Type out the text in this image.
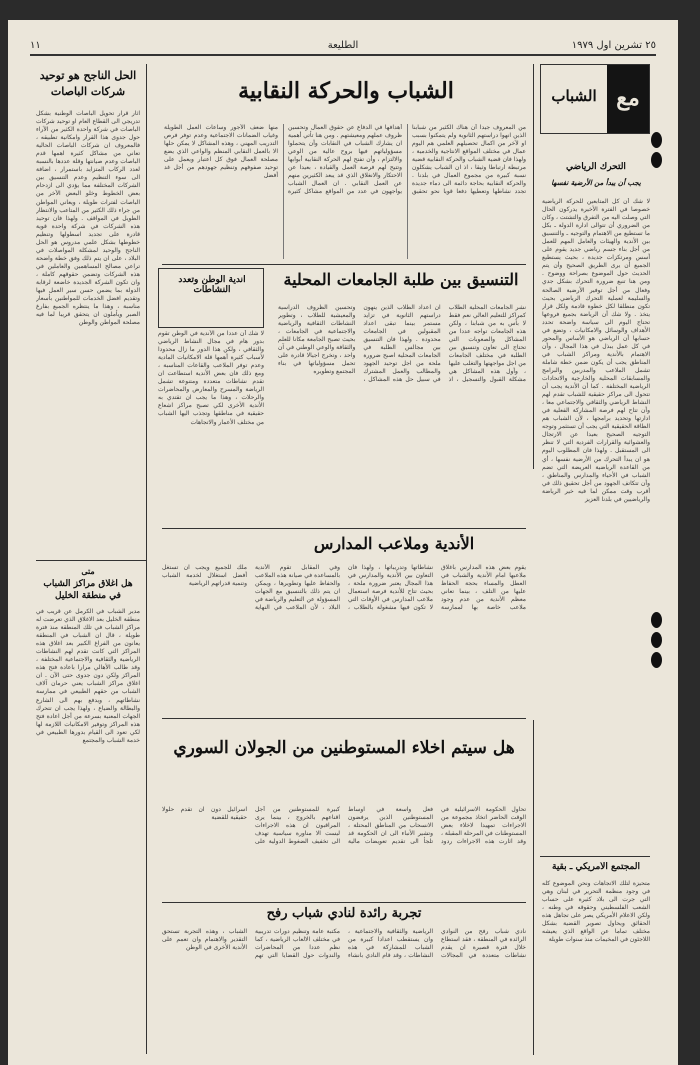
٢٥ تشرين اول ١٩٧٩
الطليعة
١١
مع
الشباب
التحرك الرياضي
يجب أن يبدأ من الأرضية نفسها
لا شك أن كل المتابعين للحركة الرياضية خصوصا في الفترة الأخيرة يدركون الحال التي وصلت اليه من التفرق والتشتت ، وكان من الضروري أن تتوالى ادارة الدولة ـ بكل ما تستطيع من الاهتمام والتوجيه ـ والتنسيق بين الأندية والهيئات والعامل المهم للعمل من أجل بناء جسم رياضي جديد يقوم على أسس ومرتكزات جديدة ، بحيث يستطيع الجميع أن يرى الطريق الصحيح وأن يتم الحديث حول الموضوع بصراحة ووضوح . ومن هنا تنبع ضرورة التحرك بشكل جدي وفعال من أجل توفير الأرضية الصالحة والسليمة لعملية التحرك الرياضي بحيث تكون منطلقا لكل خطوة قادمة ولكل قرار يتخذ . ولا شك أن الرياضة بجميع فروعها تحتاج اليوم الى سياسة واضحة تحدد الأهداف والوسائل والامكانيات ، وتضع في حسابها أن الرياضي هو الأساس والمحور في كل عمل يبذل في هذا المجال ، وأن الاهتمام بالأندية ومراكز الشباب في المناطق يجب أن يكون ضمن خطة شاملة تشمل الملاعب والمدربين والبرامج والمسابقات المحلية والخارجية والاتحادات الرياضية المختلفة . كما أن الأندية يجب أن تتحول الى مراكز حقيقية للشباب تقدم لهم النشاط الرياضي والثقافي والاجتماعي معا ، وأن تتاح لهم فرصة المشاركة الفعلية في ادارتها وتحديد برامجها ، لأن الشباب هم الطاقة الحقيقية التي يجب أن تستثمر وتوجه التوجيه الصحيح بعيدا عن الارتجال والعشوائية والقرارات الفردية التي لا تنظر الى المستقبل . ولهذا فان المطلوب اليوم هو ان يبدأ التحرك من الأرضية نفسها ، أي من القاعدة الرياضية العريضة التي تضم الشباب في الأحياء والمدارس والمناطق ، وأن تتكاتف الجهود من أجل تحقيق ذلك في أقرب وقت ممكن لما فيه خير الرياضة والرياضيين في بلدنا العزيز
المجتمع الأمريكي ـ بقية
متحيزة لتلك الاتجاهات ونحن الموضوع كله في وجود منظمة التحرير في لبنان وهي التي جرت الى بلاد كثيرة على حساب الشعب الفلسطيني وحقوقه في وطنه ، ولكن الاعلام الأمريكي يصر على تجاهل هذه الحقائق ويحاول تصوير القضية بشكل مختلف تماما عن الواقع الذي يعيشه اللاجئون في المخيمات منذ سنوات طويلة
الشباب والحركة النقابية
من المعروف جيدا أن هناك الكثير من شبابنا الذين انهوا دراستهم الثانوية ولم يتمكنوا بسبب او لآخر من اكمال تحصيلهم العلمي هم اليوم عمال في مختلف المواقع الانتاجية والخدمية ، ولهذا فان قضية الشباب والحركة النقابية قضية مرتبطة ارتباطا وثيقا ، اذ ان الشباب يشكلون نسبة كبيرة من مجموع العمال في بلدنا . والحركة النقابية بحاجة دائمة الى دماء جديدة تجدد نشاطها وتعطيها دفعا قويا نحو تحقيق أهدافها في الدفاع عن حقوق العمال وتحسين ظروف عملهم ومعيشتهم . ومن هنا تأتي أهمية ان يشارك الشباب في النقابات وأن يتحملوا مسؤولياتهم فيها بروح عالية من الوعي والالتزام ، وأن تفتح لهم الحركة النقابية أبوابها وتتيح لهم فرصة العمل والقيادة ، بعيدا عن الاحتكار والانغلاق الذي قد يبعد الكثيرين منهم عن العمل النقابي . ان العمال الشباب يواجهون في عدد من المواقع مشاكل كثيرة منها ضعف الأجور وساعات العمل الطويلة وغياب الضمانات الاجتماعية وعدم توفر فرص التدريب المهني ، وهذه المشاكل لا يمكن حلها الا بالعمل النقابي المنظم والواعي الذي يضع مصلحة العمال فوق كل اعتبار ويعمل على توحيد صفوفهم وتنظيم جهودهم من أجل غد أفضل
التنسيق بين طلبة الجامعات المحلية
اندية الوطن وتعدد النشاطات
نشر الجامعات المحلية الطلاب كمراكز للتعليم العالي نعم فقط لا بأس به من شبابنا ، ولكن هذه الجامعات تواجه عددا من المشاكل والصعوبات التي تحتاج الى تعاون وتنسيق بين الطلبة في مختلف الجامعات من اجل مواجهتها والتغلب عليها ، وأول هذه المشاكل هي مشكلة القبول والتسجيل ، اذ ان اعداد الطلاب الذين ينهون دراستهم الثانوية في تزايد مستمر بينما تبقى اعداد المقبولين في الجامعات محدودة . ولهذا فان التنسيق بين مجالس الطلبة في الجامعات المحلية اصبح ضرورة ملحة من اجل توحيد الجهود والمطالب والعمل المشترك في سبيل حل هذه المشاكل ، وتحسين الظروف الدراسية والمعيشية للطلاب ، وتطوير النشاطات الثقافية والرياضية والاجتماعية في الجامعات ، بحيث تصبح الجامعة مكانا للعلم والثقافة والوعي الوطني في آن واحد ، وتخرج اجيالا قادرة على تحمل مسؤولياتها في بناء المجتمع وتطويره
لا شك أن عددا من الأندية في الوطن تقوم بدور هام في مجال النشاط الرياضي والثقافي ، ولكن هذا الدور ما زال محدودا لأسباب كثيرة أهمها قلة الامكانيات المادية وعدم توفر الملاعب والقاعات المناسبة ، ومع ذلك فان بعض الأندية استطاعت ان تقدم نشاطات متعددة ومتنوعة تشمل الرياضة والمسرح والمعارض والمحاضرات والرحلات ، وهذا ما يجب ان تقتدي به الأندية الأخرى لكي تصبح مراكز اشعاع حقيقية في مناطقها وتجذب اليها الشباب من مختلف الأعمار والاتجاهات
الأندية وملاعب المدارس
يقوم بعض هذه المدارس باغلاق ملاعبها امام الأندية والشباب في العطل والمساء بحجة الحفاظ عليها من التلف ، بينما تعاني معظم الأندية من عدم وجود ملاعب خاصة بها لممارسة نشاطاتها وتدريباتها ، ولهذا فان التعاون بين الأندية والمدارس في هذا المجال يعتبر ضرورة ملحة ، بحيث تتاح للأندية فرصة استعمال ملاعب المدارس في الأوقات التي لا تكون فيها مشغولة بالطلاب ، وفي المقابل تقوم الأندية بالمساعدة في صيانة هذه الملاعب والحفاظ عليها وتطويرها ، ويمكن ان يتم ذلك بالتنسيق مع الجهات المسؤولة عن التعليم والرياضة في البلاد ، لأن الملاعب في النهاية ملك للجميع ويجب ان تستغل أفضل استغلال لخدمة الشباب وتنمية قدراتهم الرياضية
هل سيتم اخلاء المستوطنين من الجولان السوري
تحاول الحكومة الاسرائيلية في الوقت الحاضر اتخاذ مجموعة من الاجراءات تمهيدا لاخلاء بعض المستوطنات في المرحلة المقبلة ، وقد اثارت هذه الاجراءات ردود فعل واسعة في اوساط المستوطنين الذين يرفضون الانسحاب من المناطق المحتلة ، وتشير الأنباء الى ان الحكومة قد تلجأ الى تقديم تعويضات مالية كبيرة للمستوطنين من أجل اقناعهم بالخروج ، بينما يرى المراقبون ان هذه الاجراءات ليست الا مناورة سياسية تهدف الى تخفيف الضغوط الدولية على اسرائيل دون ان تقدم حلولا حقيقية للقضية
تجربة رائدة لنادي شباب رفح
نادي شباب رفح من النوادي الرائدة في المنطقة ، فقد استطاع خلال فترة قصيرة ان يقدم نشاطات متعددة في المجالات الرياضية والثقافية والاجتماعية ، وان يستقطب اعدادا كبيرة من الشباب للمشاركة في هذه النشاطات ، وقد قام النادي بانشاء مكتبة عامة وتنظيم دورات تدريبية في مختلف الالعاب الرياضية ، كما نظم عددا من المحاضرات والندوات حول القضايا التي تهم الشباب ، وهذه التجربة تستحق التقدير والاهتمام وان تعمم على الأندية الأخرى في الوطن
الحل الناجح هو توحيد شركات الباصات
اثار قرار تحويل الباصات الوطنية بشكل تدريجي الى القطاع العام او توحيد شركات الباصات في شركة واحدة الكثير من الآراء حول جدوى هذا القرار وامكانية تطبيقه ، فالمعروف ان شركات الباصات الحالية تعاني من مشاكل كثيرة اهمها قدم الباصات وعدم صيانتها وقلة عددها بالنسبة لعدد الركاب المتزايد باستمرار ، اضافة الى سوء التنظيم وعدم التنسيق بين الشركات المختلفة مما يؤدي الى ازدحام بعض الخطوط وخلو البعض الآخر من الباصات لفترات طويلة ، ويعاني المواطن من جراء ذلك الكثير من المتاعب والانتظار الطويل في المواقف . ولهذا فان توحيد هذه الشركات في شركة واحدة قوية قادرة على تجديد اسطولها وتنظيم خطوطها بشكل علمي مدروس هو الحل الناجح والوحيد لمشكلة المواصلات في البلاد ، على ان يتم ذلك وفق خطة واضحة تراعي مصالح المساهمين والعاملين في هذه الشركات وتضمن حقوقهم كاملة ، وان تكون الشركة الجديدة خاضعة لرقابة الدولة بما يضمن حسن سير العمل فيها وتقديم افضل الخدمات للمواطنين بأسعار مناسبة ، وهذا ما ينتظره الجميع بفارغ الصبر ويأملون ان يتحقق قريبا لما فيه مصلحة المواطن والوطن
متى
هل اغلاق مراكز الشباب في منطقة الخليل
مدير الشباب في الكرمل عن قريب في منطقة الخليل بعد الاغلاق الذي تعرضت له مراكز الشباب في تلك المنطقة منذ فترة طويلة ، قال ان الشباب في المنطقة يعانون من الفراغ الكبير بعد اغلاق هذه المراكز التي كانت تقدم لهم النشاطات الرياضية والثقافية والاجتماعية المختلفة ، وقد طالب الأهالي مرارا باعادة فتح هذه المراكز ولكن دون جدوى حتى الآن . ان اغلاق مراكز الشباب يعني حرمان آلاف الشباب من حقهم الطبيعي في ممارسة نشاطاتهم ، ويدفع بهم الى الشارع والبطالة والضياع ، ولهذا يجب ان تتحرك الجهات المعنية بسرعة من أجل اعادة فتح هذه المراكز وتوفير الامكانيات اللازمة لها لكي تعود الى القيام بدورها الطبيعي في خدمة الشباب والمجتمع
